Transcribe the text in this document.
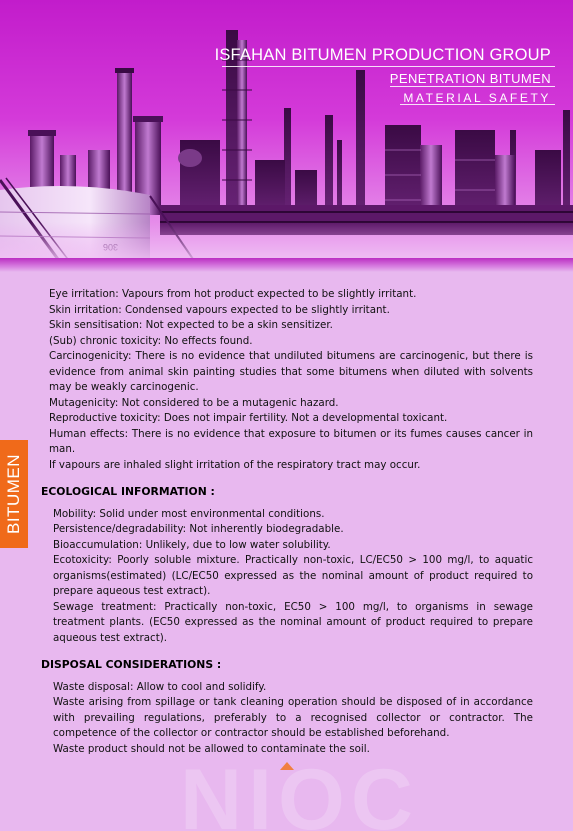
ISFAHAN BITUMEN PRODUCTION GROUP
PENETRATION BITUMEN
MATERIAL SAFETY
BITUMEN

Eye irritation: Vapours from hot product expected to be slightly irritant.

Skin irritation: Condensed vapours expected to be slightly irritant.

Skin sensitisation: Not expected to be a skin sensitizer.

(Sub) chronic toxicity: No effects found.

Carcinogenicity: There is no evidence that undiluted bitumens are carcinogenic, but there is evidence from animal skin painting studies that some bitumens when diluted with solvents may be weakly carcinogenic.

Mutagenicity: Not considered to be a mutagenic hazard.

Reproductive toxicity: Does not impair fertility. Not a developmental toxicant.

Human effects: There is no evidence that exposure to bitumen or its fumes causes cancer in man.

If vapours are inhaled slight irritation of the respiratory tract may occur.

ECOLOGICAL INFORMATION :

Mobility: Solid under most environmental conditions.

Persistence/degradability: Not inherently biodegradable.

Bioaccumulation: Unlikely, due to low water solubility.

Ecotoxicity: Poorly soluble mixture. Practically non-toxic, LC/EC50 > 100 mg/l, to aquatic organisms(estimated) (LC/EC50 expressed as the nominal amount of product required to prepare aqueous test extract).

Sewage treatment: Practically non-toxic, EC50 > 100 mg/l, to organisms in sewage treatment plants. (EC50 expressed as the nominal amount of product required to prepare aqueous test extract).

DISPOSAL CONSIDERATIONS :

Waste disposal: Allow to cool and solidify.

Waste arising from spillage or tank cleaning operation should be disposed of in accordance with prevailing regulations, preferably to a recognised collector or contractor. The competence of the collector or contractor should be established beforehand.

Waste product should not be allowed to contaminate the soil.

NIOC
